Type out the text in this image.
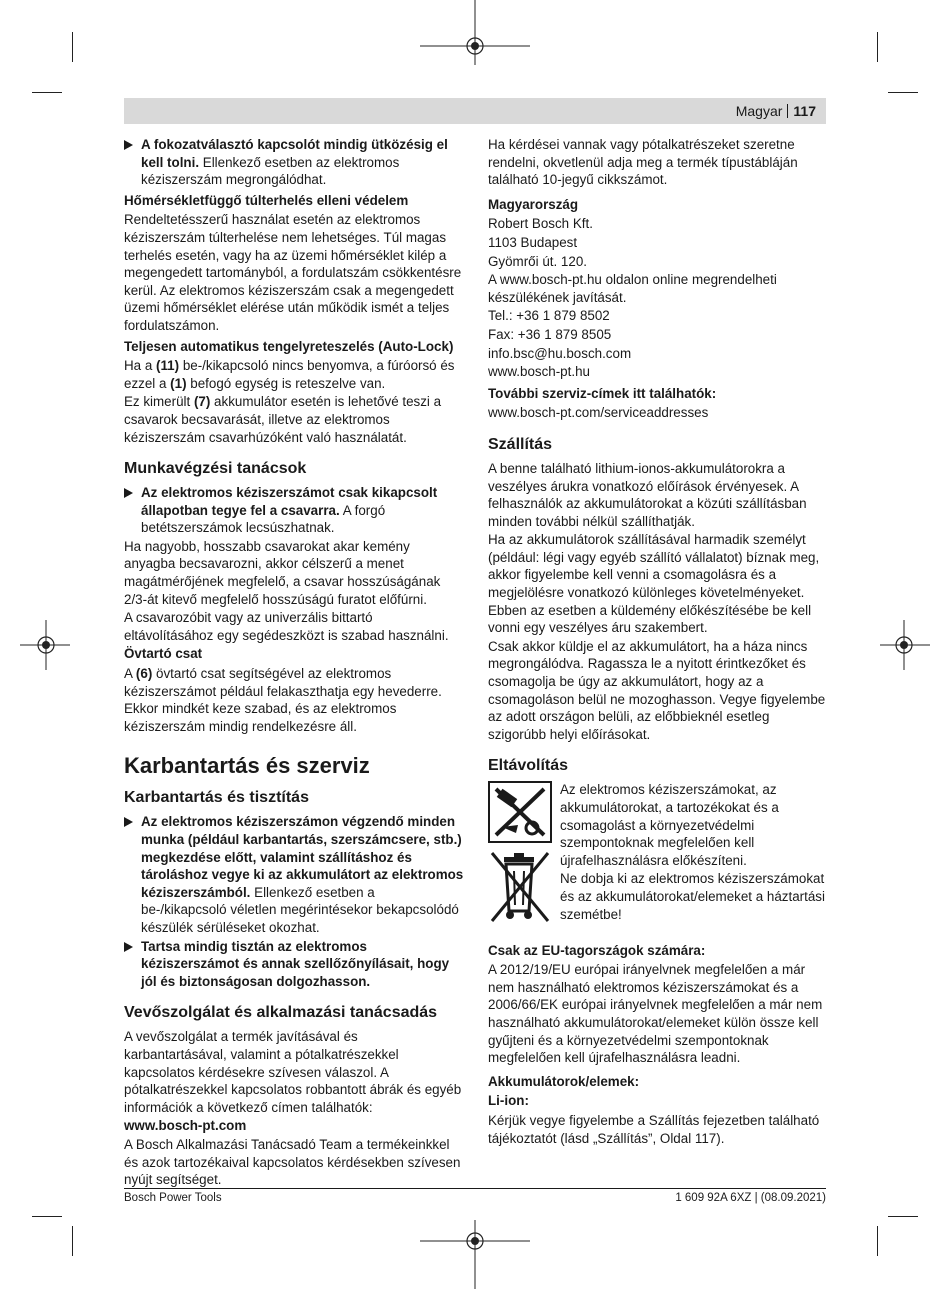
Magyar 117
A fokozatválasztó kapcsolót mindig ütközésig el kell tolni. Ellenkező esetben az elektromos kéziszerszám megrongálódhat.
Hőmérsékletfüggő túlterhelés elleni védelem

Rendeltetésszerű használat esetén az elektromos kéziszerszám túlterhelése nem lehetséges. Túl magas terhelés esetén, vagy ha az üzemi hőmérséklet kilép a megengedett tartományból, a fordulatszám csökkentésre kerül. Az elektromos kéziszerszám csak a megengedett üzemi hőmérséklet elérése után működik ismét a teljes fordulatszámon.

Teljesen automatikus tengelyreteszelés (Auto-Lock)

Ha a (11) be-/kikapcsoló nincs benyomva, a fúróorsó és ezzel a (1) befogó egység is reteszelve van.

Ez kimerült (7) akkumulátor esetén is lehetővé teszi a csavarok becsavarását, illetve az elektromos kéziszerszám csavarhúzóként való használatát.

Munkavégzési tanácsok
Az elektromos kéziszerszámot csak kikapcsolt állapotban tegye fel a csavarra. A forgó betétszerszámok lecsúszhatnak.

Ha nagyobb, hosszabb csavarokat akar kemény anyagba becsavarozni, akkor célszerű a menet magátmérőjének megfelelő, a csavar hosszúságának 2/3-át kitevő megfelelő hosszúságú furatot előfúrni.

A csavarozóbit vagy az univerzális bittartó eltávolításához egy segédeszközt is szabad használni.

Övtartó csat

A (6) övtartó csat segítségével az elektromos kéziszerszámot például felakaszthatja egy hevederre. Ekkor mindkét keze szabad, és az elektromos kéziszerszám mindig rendelkezésre áll.

Karbantartás és szerviz
Karbantartás és tisztítás
Az elektromos kéziszerszámon végzendő minden munka (például karbantartás, szerszámcsere, stb.) megkezdése előtt, valamint szállításhoz és tároláshoz vegye ki az akkumulátort az elektromos kéziszerszámból. Ellenkező esetben a be-/kikapcsoló véletlen megérintésekor bekapcsolódó készülék sérüléseket okozhat.
Tartsa mindig tisztán az elektromos kéziszerszámot és annak szellőzőnyílásait, hogy jól és biztonságosan dolgozhasson.
Vevőszolgálat és alkalmazási tanácsadás

A vevőszolgálat a termék javításával és karbantartásával, valamint a pótalkatrészekkel kapcsolatos kérdésekre szívesen válaszol. A pótalkatrészekkel kapcsolatos robbantott ábrák és egyéb információk a következő címen találhatók:

www.bosch-pt.com

A Bosch Alkalmazási Tanácsadó Team a termékeinkkel és azok tartozékaival kapcsolatos kérdésekben szívesen nyújt segítséget.

Ha kérdései vannak vagy pótalkatrészeket szeretne rendelni, okvetlenül adja meg a termék típustábláján található 10-jegyű cikkszámot.

Magyarország

Robert Bosch Kft.

1103 Budapest

Gyömrői út. 120.

A www.bosch-pt.hu oldalon online megrendelheti készülékének javítását.

Tel.: +36 1 879 8502

Fax: +36 1 879 8505

info.bsc@hu.bosch.com

www.bosch-pt.hu

További szerviz-címek itt találhatók:

www.bosch-pt.com/serviceaddresses

Szállítás

A benne található lithium-ionos-akkumulátorokra a veszélyes árukra vonatkozó előírások érvényesek. A felhasználók az akkumulátorokat a közúti szállításban minden további nélkül szállíthatják.

Ha az akkumulátorok szállításával harmadik személyt (például: légi vagy egyéb szállító vállalatot) bíznak meg, akkor figyelembe kell venni a csomagolásra és a megjelölésre vonatkozó különleges követelményeket. Ebben az esetben a küldemény előkészítésébe be kell vonni egy veszélyes áru szakembert.

Csak akkor küldje el az akkumulátort, ha a háza nincs megrongálódva. Ragassza le a nyitott érintkezőket és csomagolja be úgy az akkumulátort, hogy az a csomagoláson belül ne mozoghasson. Vegye figyelembe az adott országon belüli, az előbbieknél esetleg szigorúbb helyi előírásokat.

Eltávolítás

Az elektromos kéziszerszámokat, az akkumulátorokat, a tartozékokat és a csomagolást a környezetvédelmi szempontoknak megfelelően kell újrafelhasználásra előkészíteni.

Ne dobja ki az elektromos kéziszerszámokat és az akkumulátorokat/elemeket a háztartási szemétbe!

Csak az EU-tagországok számára:

A 2012/19/EU európai irányelvnek megfelelően a már nem használható elektromos kéziszerszámokat és a 2006/66/EK európai irányelvnek megfelelően a már nem használható akkumulátorokat/elemeket külön össze kell gyűjteni és a környezetvédelmi szempontoknak megfelelően kell újrafelhasználásra leadni.

Akkumulátorok/elemek:
Li-ion:

Kérjük vegye figyelembe a Szállítás fejezetben található tájékoztatót (lásd „Szállítás”, Oldal 117).

Bosch Power Tools	1 609 92A 6XZ | (08.09.2021)
